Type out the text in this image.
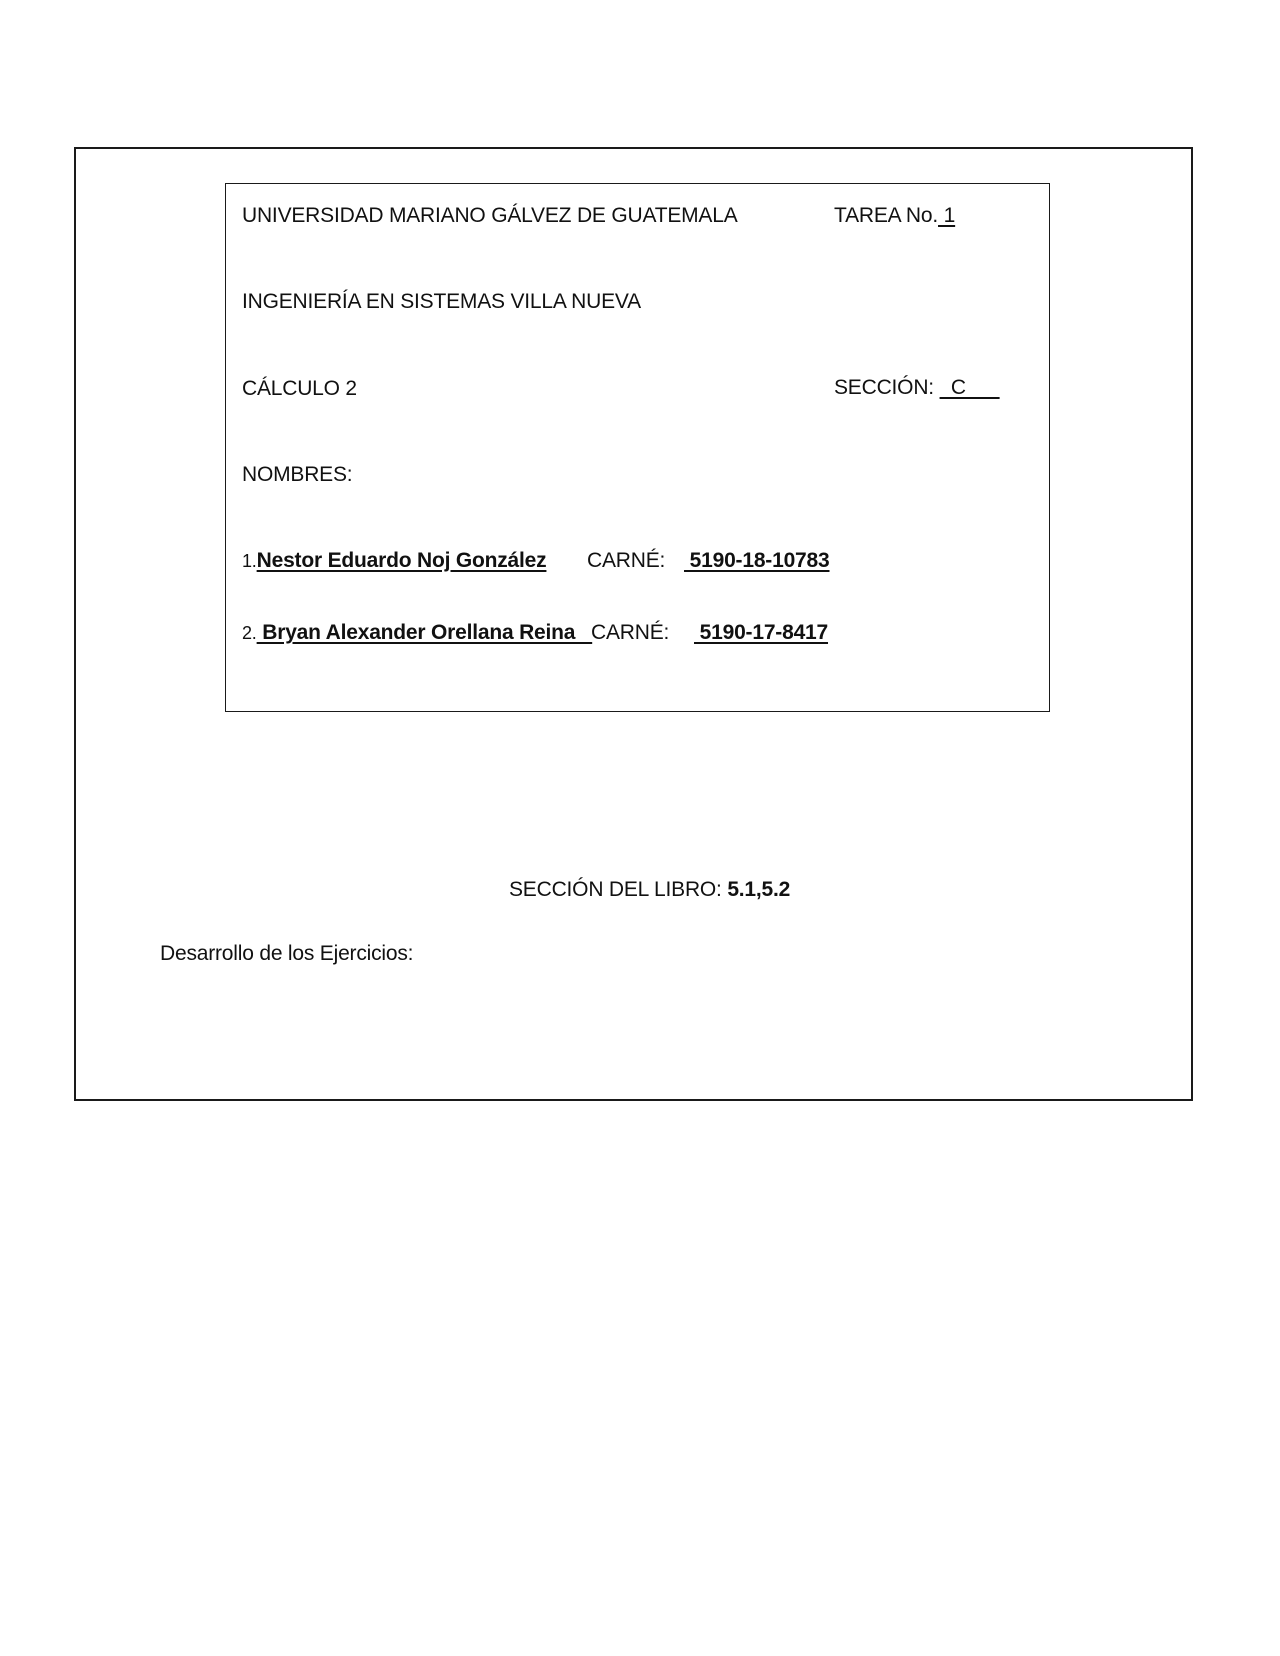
UNIVERSIDAD MARIANO GÁLVEZ DE GUATEMALA	TAREA No. 1
INGENIERÍA EN SISTEMAS VILLA NUEVA
CÁLCULO 2	SECCIÓN:   C
NOMBRES:
1.Nestor Eduardo Noj González CARNÉ: 5190-18-10783
2. Bryan Alexander Orellana Reina
CARNÉ: 5190-17-8417
SECCIÓN DEL LIBRO: 5.1,5.2
Desarrollo de los Ejercicios:
